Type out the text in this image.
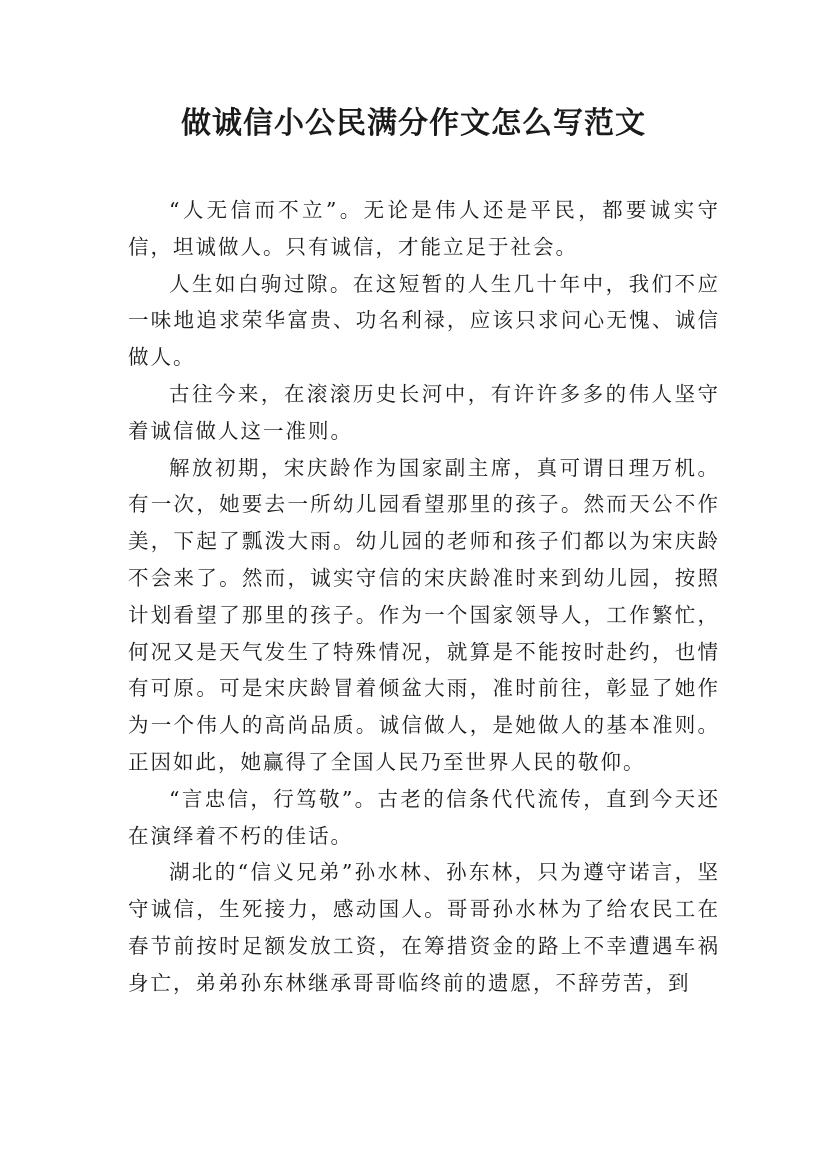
做诚信小公民满分作文怎么写范文

“人无信而不立”。无论是伟人还是平民，都要诚实守信，坦诚做人。只有诚信，才能立足于社会。

人生如白驹过隙。在这短暂的人生几十年中，我们不应一味地追求荣华富贵、功名利禄，应该只求问心无愧、诚信做人。

古往今来，在滚滚历史长河中，有许许多多的伟人坚守着诚信做人这一准则。

解放初期，宋庆龄作为国家副主席，真可谓日理万机。有一次，她要去一所幼儿园看望那里的孩子。然而天公不作美，下起了瓢泼大雨。幼儿园的老师和孩子们都以为宋庆龄不会来了。然而，诚实守信的宋庆龄准时来到幼儿园，按照计划看望了那里的孩子。作为一个国家领导人，工作繁忙，何况又是天气发生了特殊情况，就算是不能按时赴约，也情有可原。可是宋庆龄冒着倾盆大雨，准时前往，彰显了她作为一个伟人的高尚品质。诚信做人，是她做人的基本准则。正因如此，她赢得了全国人民乃至世界人民的敬仰。

“言忠信，行笃敬”。古老的信条代代流传，直到今天还在演绎着不朽的佳话。

湖北的“信义兄弟”孙水林、孙东林，只为遵守诺言，坚守诚信，生死接力，感动国人。哥哥孙水林为了给农民工在春节前按时足额发放工资，在筹措资金的路上不幸遭遇车祸身亡，弟弟孙东林继承哥哥临终前的遗愿，不辞劳苦，到
